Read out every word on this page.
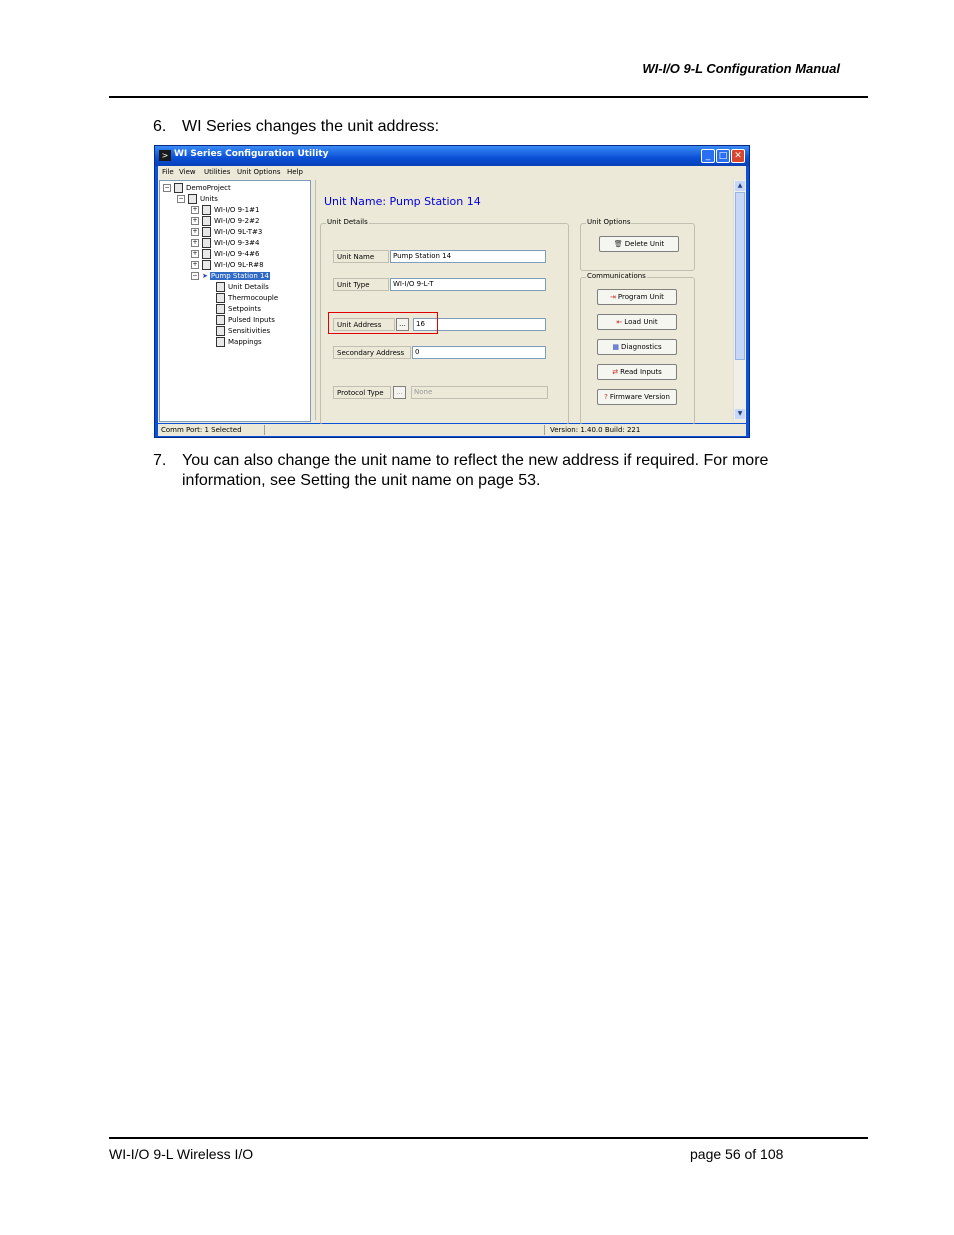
WI-I/O 9-L Configuration Manual
6. WI Series changes the unit address:
> WI Series Configuration Utility	_ □ ✕
File View Utilities Unit Options Help
− DemoProject
− Units
+ WI-I/O 9-1#1
+ WI-I/O 9-2#2
+ WI-I/O 9L-T#3
+ WI-I/O 9-3#4
+ WI-I/O 9-4#6
+ WI-I/O 9L-R#8
− ➤ Pump Station 14
Unit Details
Thermocouple
Setpoints
Pulsed Inputs
Sensitivities
Mappings
Unit Name: Pump Station 14
Unit Details
Unit Name	Pump Station 14
Unit Type	WI-I/O 9-L-T
Unit Address	...	16
Secondary Address	0
Protocol Type	...	None
Unit Options
🗑 Delete Unit
Communications
⇥ Program Unit
⇤ Load Unit
▦ Diagnostics
⇄ Read Inputs
? Firmware Version
▲
▼
Comm Port: 1 Selected	Version: 1.40.0 Build: 221
7. You can also change the unit name to reflect the new address if required. For more information, see Setting the unit name on page 53.
WI-I/O 9-L Wireless I/O	page 56 of 108
